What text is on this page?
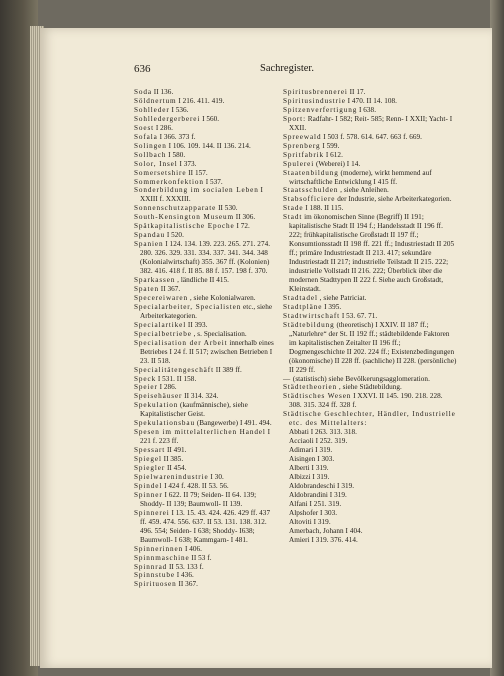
636	Sachregister.
Soda II 136.
Söldnertum I 216. 411. 419.
Sohlleder I 536.
Sohlledergerberei I 560.
Soest I 286.
Sofala I 366. 373 f.
Solingen I 106. 109. 144. II 136. 214.
Sollbach I 580.
Solor, Insel I 373.
Somersetshire II 157.
Sommerkonfektion I 537.
Sonderbildung im socialen Leben I XXIII f. XXXIII.
Sonnenschutzapparate II 530.
South-Kensington Museum II 306.
Spätkapitalistische Epoche I 72.
Spandau I 520.
Spanien I 124. 134. 139. 223. 265. 271. 274. 280. 326. 329. 331. 334. 337. 341. 344. 348 (Kolonialwirtschaft) 355. 367 ff. (Kolonien) 382. 416. 418 f. II 85. 88 f. 157. 198 f. 370.
Sparkassen , ländliche II 415.
Spaten II 367.
Specereiwaren , siehe Kolonialwaren.
Specialarbeiter, Specialisten etc., siehe Arbeiterkategorien.
Specialartikel II 393.
Specialbetriebe , s. Specialisation.
Specialisation der Arbeit innerhalb eines Betriebes I 24 f. II 517; zwischen Betrieben I 23. II 518.
Specialitätengeschäft II 389 ff.
Speck I 531. II 158.
Speier I 286.
Speisehäuser II 314. 324.
Spekulation (kaufmännische), siehe Kapitalistischer Geist.
Spekulationsbau (Bangewerbe) I 491. 494.
Spesen im mittelalterlichen Handel I 221 f. 223 ff.
Spessart II 491.
Spiegel II 385.
Spiegler II 454.
Spielwarenindustrie I 30.
Spindel I 424 f. 428. II 53. 56.
Spinner I 622. II 79; Seiden- II 64. 139; Shoddy- II 139; Baumwoll- II 139.
Spinnerei I 13. 15. 43. 424. 426. 429 ff. 437 ff. 459. 474. 556. 637. II 53. 131. 138. 312. 496. 554; Seiden- I 638; Shoddy- I638; Baumwoll- I 638; Kammgarn- I 481.
Spinnerinnen I 406.
Spinnmaschine II 53 f.
Spinnrad II 53. 133 f.
Spinnstube I 436.
Spirituosen II 367.
Spiritusbrennerei II 17.
Spiritusindustrie I 470. II 14. 108.
Spitzenverfertigung I 638.
Sport: Radfahr- I 582; Reit- 585; Renn- I XXII; Yacht- I XXII.
Spreewald I 503 f. 578. 614. 647. 663 f. 669.
Sprenberg I 599.
Spritfabrik I 612.
Spulerei (Weberei) I 14.
Staatenbildung (moderne), wirkt hemmend auf wirtschaftliche Entwicklung I 415 ff.
Staatsschulden , siehe Anleihen.
Stabsofficiere der Industrie, siehe Arbeiterkategorien.
Stade I 188. II 115.
Stadt im ökonomischen Sinne (Begriff) II 191; kapitalistische Stadt II 194 f.; Handelsstadt II 196 ff. 222; frühkapitalistische Großstadt II 197 ff.; Konsumtionsstadt II 198 ff. 221 ff.; Industriestadt II 205 ff.; primäre Industriestadt II 213. 417; sekundäre Industriestadt II 217; industrielle Teilstadt II 215. 222; industrielle Vollstadt II 216. 222; Überblick über die modernen Stadttypen II 222 f. Siehe auch Großstadt, Kleinstadt.
Stadtadel , siehe Patriciat.
Stadtpläne I 395.
Stadtwirtschaft I 53. 67. 71.
Städtebildung (theoretisch) I XXIV. II 187 ff.; „Naturlehre“ der St. II 192 ff.; städtebildende Faktoren im kapitalistischen Zeitalter II 196 ff.; Dogmengeschichte II 202. 224 ff.; Existenzbedingungen (ökonomische) II 228 ff. (sachliche) II 228. (persönliche) II 229 ff.
— (statistisch) siehe Bevölkerungsagglomeration.
Städtetheorien , siehe Städtebildung.
Städtisches Wesen I XXVI. II 145. 190. 218. 228. 308. 315. 324 ff. 328 f.
Städtische Geschlechter, Händler, Industrielle etc. des Mittelalters:
Abbati I 263. 313. 318.
Acciaoli I 252. 319.
Adimari I 319.
Aisingen I 303.
Alberti I 319.
Albizzi I 319.
Aldobrandeschi I 319.
Aldobrandini I 319.
Alfani I 251. 319.
Alpshofer I 303.
Altoviti I 319.
Amerbach, Johann I 404.
Amieri I 319. 376. 414.
